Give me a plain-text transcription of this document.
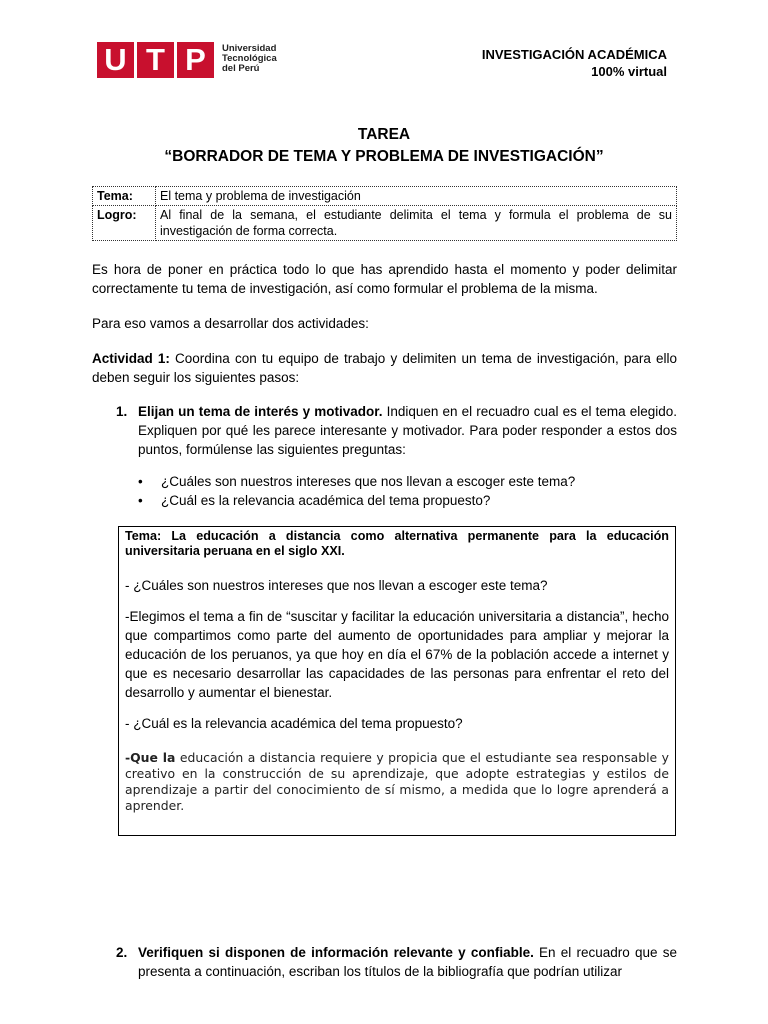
U T P	Universidad
Tecnológica
del Perú
INVESTIGACIÓN ACADÉMICA
100% virtual
TAREA
“BORRADOR DE TEMA Y PROBLEMA DE INVESTIGACIÓN”
Tema:	El tema y problema de investigación
Logro:	Al final de la semana, el estudiante delimita el tema y formula el problema de su investigación de forma correcta.
Es hora de poner en práctica todo lo que has aprendido hasta el momento y poder delimitar correctamente tu tema de investigación, así como formular el problema de la misma.
Para eso vamos a desarrollar dos actividades:
Actividad 1: Coordina con tu equipo de trabajo y delimiten un tema de investigación, para ello deben seguir los siguientes pasos:
1. Elijan un tema de interés y motivador. Indiquen en el recuadro cual es el tema elegido. Expliquen por qué les parece interesante y motivador. Para poder responder a estos dos puntos, formúlense las siguientes preguntas:
• ¿Cuáles son nuestros intereses que nos llevan a escoger este tema?
• ¿Cuál es la relevancia académica del tema propuesto?
Tema: La educación a distancia como alternativa permanente para la educación universitaria peruana en el siglo XXI.
- ¿Cuáles son nuestros intereses que nos llevan a escoger este tema?
-Elegimos el tema a fin de “suscitar y facilitar la educación universitaria a distancia”, hecho que compartimos como parte del aumento de oportunidades para ampliar y mejorar la educación de los peruanos, ya que hoy en día el 67% de la población accede a internet y que es necesario desarrollar las capacidades de las personas para enfrentar el reto del desarrollo y aumentar el bienestar.
- ¿Cuál es la relevancia académica del tema propuesto?
-Que la educación a distancia requiere y propicia que el estudiante sea responsable y creativo en la construcción de su aprendizaje, que adopte estrategias y estilos de aprendizaje a partir del conocimiento de sí mismo, a medida que lo logre aprenderá a aprender.
2. Verifiquen si disponen de información relevante y confiable. En el recuadro que se presenta a continuación, escriban los títulos de la bibliografía que podrían utilizar
